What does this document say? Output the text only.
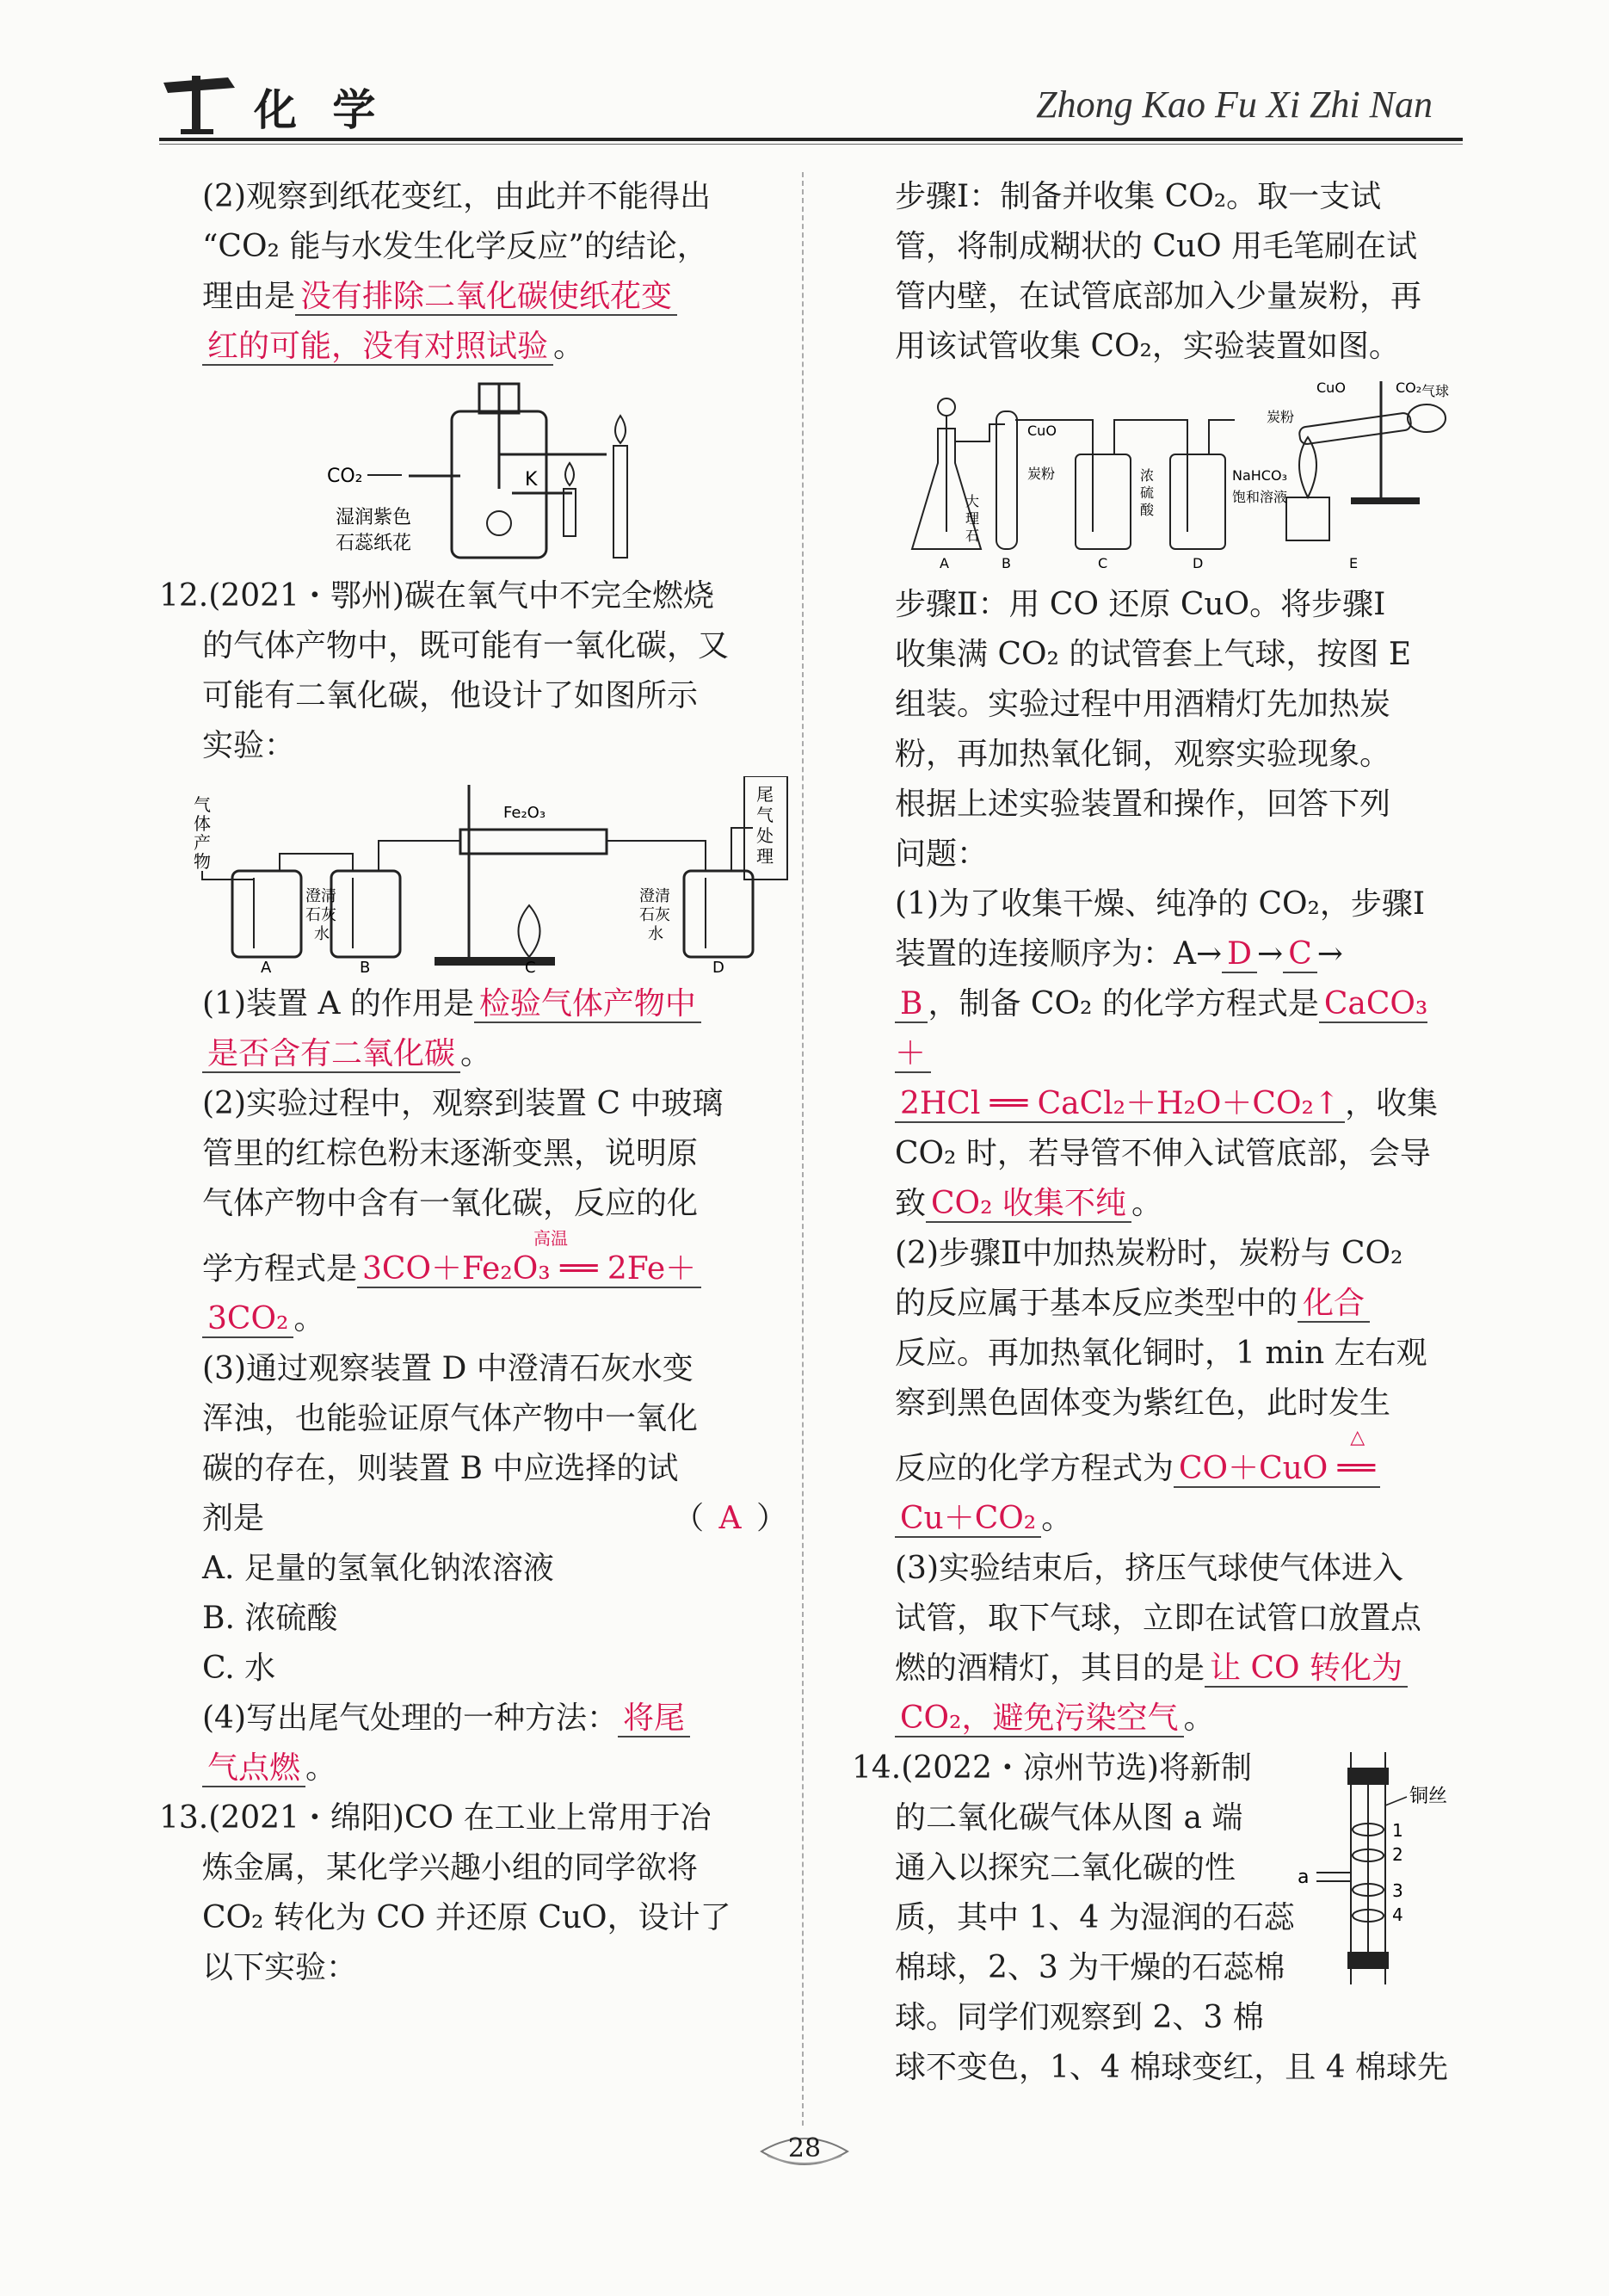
化 学	Zhong Kao Fu Xi Zhi Nan

(2)观察到纸花变红，由此并不能得出

“CO₂ 能与水发生化学反应”的结论，

理由是 没有排除二氧化碳使纸花变

红的可能，没有对照试验 。

CO₂	K
湿润紫色
石蕊纸花

12.(2021・鄂州)碳在氧气中不完全燃烧

的气体产物中，既可能有一氧化碳，又

可能有二氧化碳，他设计了如图所示

实验：

气
体
产
物
尾
气
处
理
Fe₂O₃
澄清
石灰
水
澄清
石灰
水
A	B	C	D

(1)装置 A 的作用是 检验气体产物中

是否含有二氧化碳 。

(2)实验过程中，观察到装置 C 中玻璃

管里的红棕色粉末逐渐变黑，说明原

气体产物中含有一氧化碳，反应的化

学方程式是 3CO＋Fe₂O₃ ══ 2Fe＋
高温

3CO₂ 。

(3)通过观察装置 D 中澄清石灰水变

浑浊，也能验证原气体产物中一氧化

碳的存在，则装置 B 中应选择的试

剂是	（ A ）

A. 足量的氢氧化钠浓溶液

B. 浓硫酸

C. 水

(4)写出尾气处理的一种方法： 将尾

气点燃 。

13.(2021・绵阳)CO 在工业上常用于冶

炼金属，某化学兴趣小组的同学欲将

CO₂ 转化为 CO 并还原 CuO，设计了

以下实验：

步骤Ⅰ：制备并收集 CO₂。取一支试

管，将制成糊状的 CuO 用毛笔刷在试

管内壁，在试管底部加入少量炭粉，再

用该试管收集 CO₂，实验装置如图。

CuO
炭粉
大
理
石
浓
硫
酸
NaHCO₃
饱和溶液
CuO
炭粉
CO₂ 气球
A	B	C	D	E

步骤Ⅱ：用 CO 还原 CuO。将步骤Ⅰ

收集满 CO₂ 的试管套上气球，按图 E

组装。实验过程中用酒精灯先加热炭

粉，再加热氧化铜，观察实验现象。

根据上述实验装置和操作，回答下列

问题：

(1)为了收集干燥、纯净的 CO₂，步骤Ⅰ

装置的连接顺序为：A→ D → C →

B ，制备 CO₂ 的化学方程式是 CaCO₃＋

2HCl ══ CaCl₂＋H₂O＋CO₂↑ ，收集

CO₂ 时，若导管不伸入试管底部，会导

致 CO₂ 收集不纯 。

(2)步骤Ⅱ中加热炭粉时，炭粉与 CO₂

的反应属于基本反应类型中的 化合

反应。再加热氧化铜时，1 min 左右观

察到黑色固体变为紫红色，此时发生

反应的化学方程式为 CO＋CuO ══
△

Cu＋CO₂ 。

(3)实验结束后，挤压气球使气体进入

试管，取下气球，立即在试管口放置点

燃的酒精灯，其目的是 让 CO 转化为

CO₂，避免污染空气 。

铜丝
a
1
2
3
4

14.(2022・凉州节选)将新制

的二氧化碳气体从图 a 端

通入以探究二氧化碳的性

质，其中 1、4 为湿润的石蕊

棉球，2、3 为干燥的石蕊棉

球。同学们观察到 2、3 棉

球不变色，1、4 棉球变红，且 4 棉球先

28
